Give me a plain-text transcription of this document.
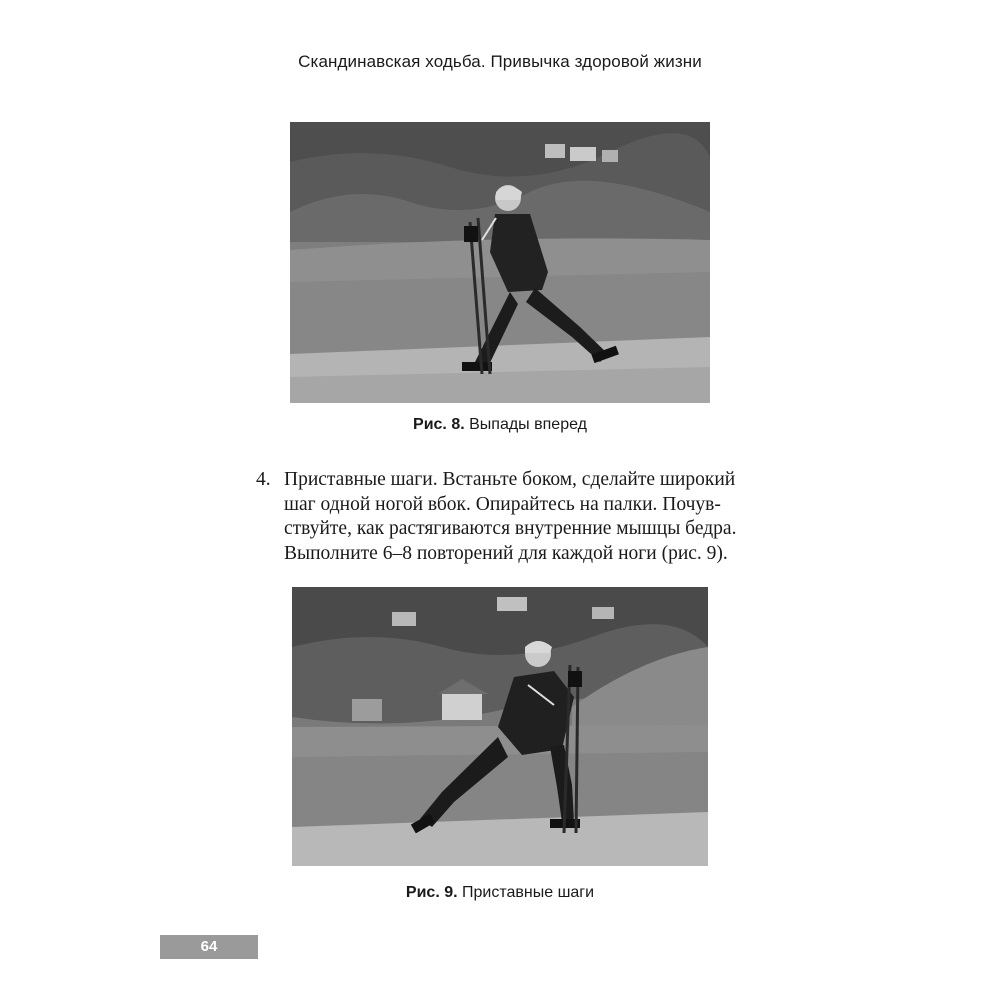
Скандинавская ходьба. Привычка здоровой жизни
Рис. 8. Выпады вперед
4. Приставные шаги. Встаньте боком, сделайте широкий
шаг одной ногой вбок. Опирайтесь на палки. Почув-
ствуйте, как растягиваются внутренние мышцы бедра.
Выполните 6–8 повторений для каждой ноги (рис. 9).
Рис. 9. Приставные шаги
64
